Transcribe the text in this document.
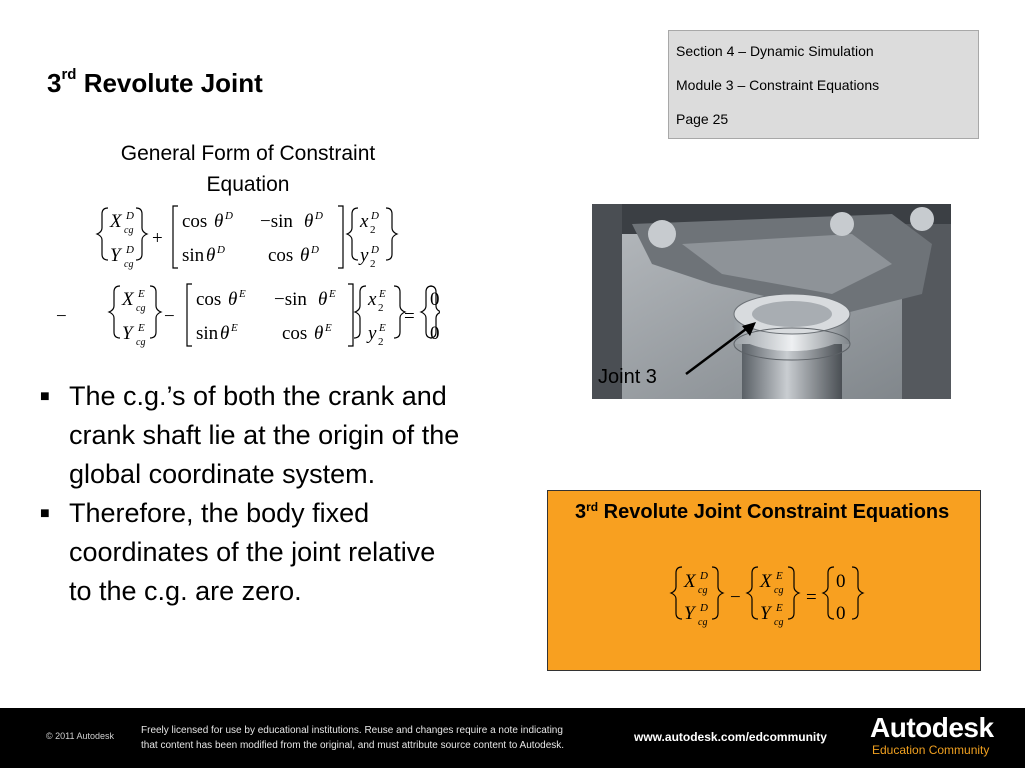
3rd Revolute Joint
Section 4 – Dynamic Simulation
Module 3 – Constraint Equations
Page 25
General Form of Constraint
Equation
X D
cg
Y D
cg
+
cos θ D −sin θ D
sin θ D cos θ D
x D
2
y D
2
−
X E
cg
Y E
cg
−
cos θ E −sin θ E
sin θ E cos θ E
x E
2
y E
2
=
0
0

■ The c.g.’s of both the crank and crank shaft lie at the origin of the global coordinate system.

■ Therefore, the body fixed coordinates of the joint relative to the c.g. are zero.

Joint 3
3rd Revolute Joint Constraint Equations
X D
cg
Y D
cg
−
X E
cg
Y E
cg
=
0
0
© 2011 Autodesk	Freely licensed for use by educational institutions. Reuse and changes require a note indicating
that content has been modified from the original, and must attribute source content to Autodesk.
www.autodesk.com/edcommunity Autodesk
Education Community
